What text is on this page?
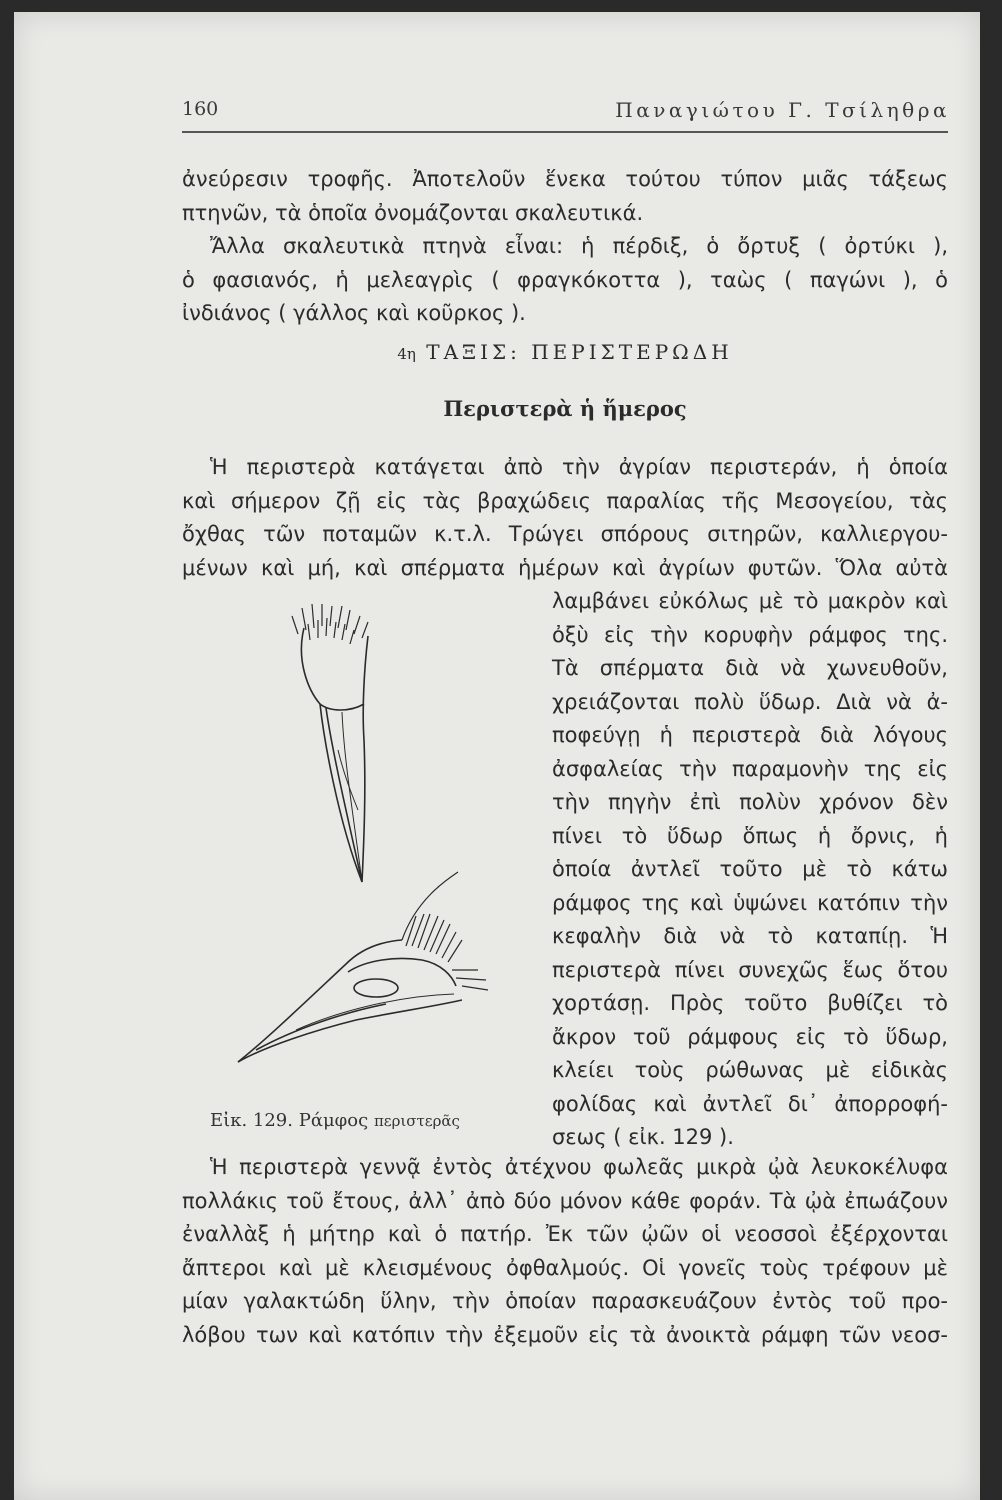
160	Παναγιώτου Γ. Τσίληθρα
ἀνεύρεσιν τροφῆς. Ἀποτελοῦν ἕνεκα τούτου τύπον μιᾶς τάξεως
πτηνῶν, τὰ ὁποῖα ὀνομάζονται σκαλευτικά.
Ἄλλα σκαλευτικὰ πτηνὰ εἶναι: ἡ πέρδιξ, ὁ ὄρτυξ ( ὀρτύκι ),
ὁ φασιανός, ἡ μελεαγρὶς ( φραγκόκοττα ), ταὼς ( παγώνι ), ὁ
ἰνδιάνος ( γάλλος καὶ κοῦρκος ).
4η ΤΑΞΙΣ: ΠΕΡΙΣΤΕΡΩΔΗ
Περιστερὰ ἡ ἥμερος
Ἡ περιστερὰ κατάγεται ἀπὸ τὴν ἀγρίαν περιστεράν, ἡ ὁποία
καὶ σήμερον ζῇ εἰς τὰς βραχώδεις παραλίας τῆς Μεσογείου, τὰς
ὄχθας τῶν ποταμῶν κ.τ.λ. Τρώγει σπόρους σιτηρῶν, καλλιεργου-
μένων καὶ μή, καὶ σπέρματα ἡμέρων καὶ ἀγρίων φυτῶν. Ὅλα αὐτὰ
λαμβάνει εὐκόλως μὲ τὸ μακρὸν καὶ
ὀξὺ εἰς τὴν κορυφὴν ράμφος της.
Τὰ σπέρματα διὰ νὰ χωνευθοῦν,
χρειάζονται πολὺ ὕδωρ. Διὰ νὰ ἀ-
ποφεύγῃ ἡ περιστερὰ διὰ λόγους
ἀσφαλείας τὴν παραμονὴν της εἰς
τὴν πηγὴν ἐπὶ πολὺν χρόνον δὲν
πίνει τὸ ὕδωρ ὅπως ἡ ὄρνις, ἡ
ὁποία ἀντλεῖ τοῦτο μὲ τὸ κάτω
ράμφος της καὶ ὑψώνει κατόπιν τὴν
κεφαλὴν διὰ νὰ τὸ καταπίῃ. Ἡ
περιστερὰ πίνει συνεχῶς ἕως ὅτου
χορτάσῃ. Πρὸς τοῦτο βυθίζει τὸ
ἄκρον τοῦ ράμφους εἰς τὸ ὕδωρ,
κλείει τοὺς ρώθωνας μὲ εἰδικὰς
φολίδας καὶ ἀντλεῖ δι᾽ ἀπορροφή-
σεως ( εἰκ. 129 ).
Εἰκ. 129. Ράμφος περιστερᾶς
Ἡ περιστερὰ γεννᾷ ἐντὸς ἀτέχνου φωλεᾶς μικρὰ ᾠὰ λευκοκέλυφα
πολλάκις τοῦ ἔτους, ἀλλ᾽ ἀπὸ δύο μόνον κάθε φοράν. Τὰ ᾠὰ ἐπωάζουν
ἐναλλὰξ ἡ μήτηρ καὶ ὁ πατήρ. Ἐκ τῶν ᾠῶν οἱ νεοσσοὶ ἐξέρχονται
ἄπτεροι καὶ μὲ κλεισμένους ὀφθαλμούς. Οἱ γονεῖς τοὺς τρέφουν μὲ
μίαν γαλακτώδη ὕλην, τὴν ὁποίαν παρασκευάζουν ἐντὸς τοῦ προ-
λόβου των καὶ κατόπιν τὴν ἐξεμοῦν εἰς τὰ ἀνοικτὰ ράμφη τῶν νεοσ-
